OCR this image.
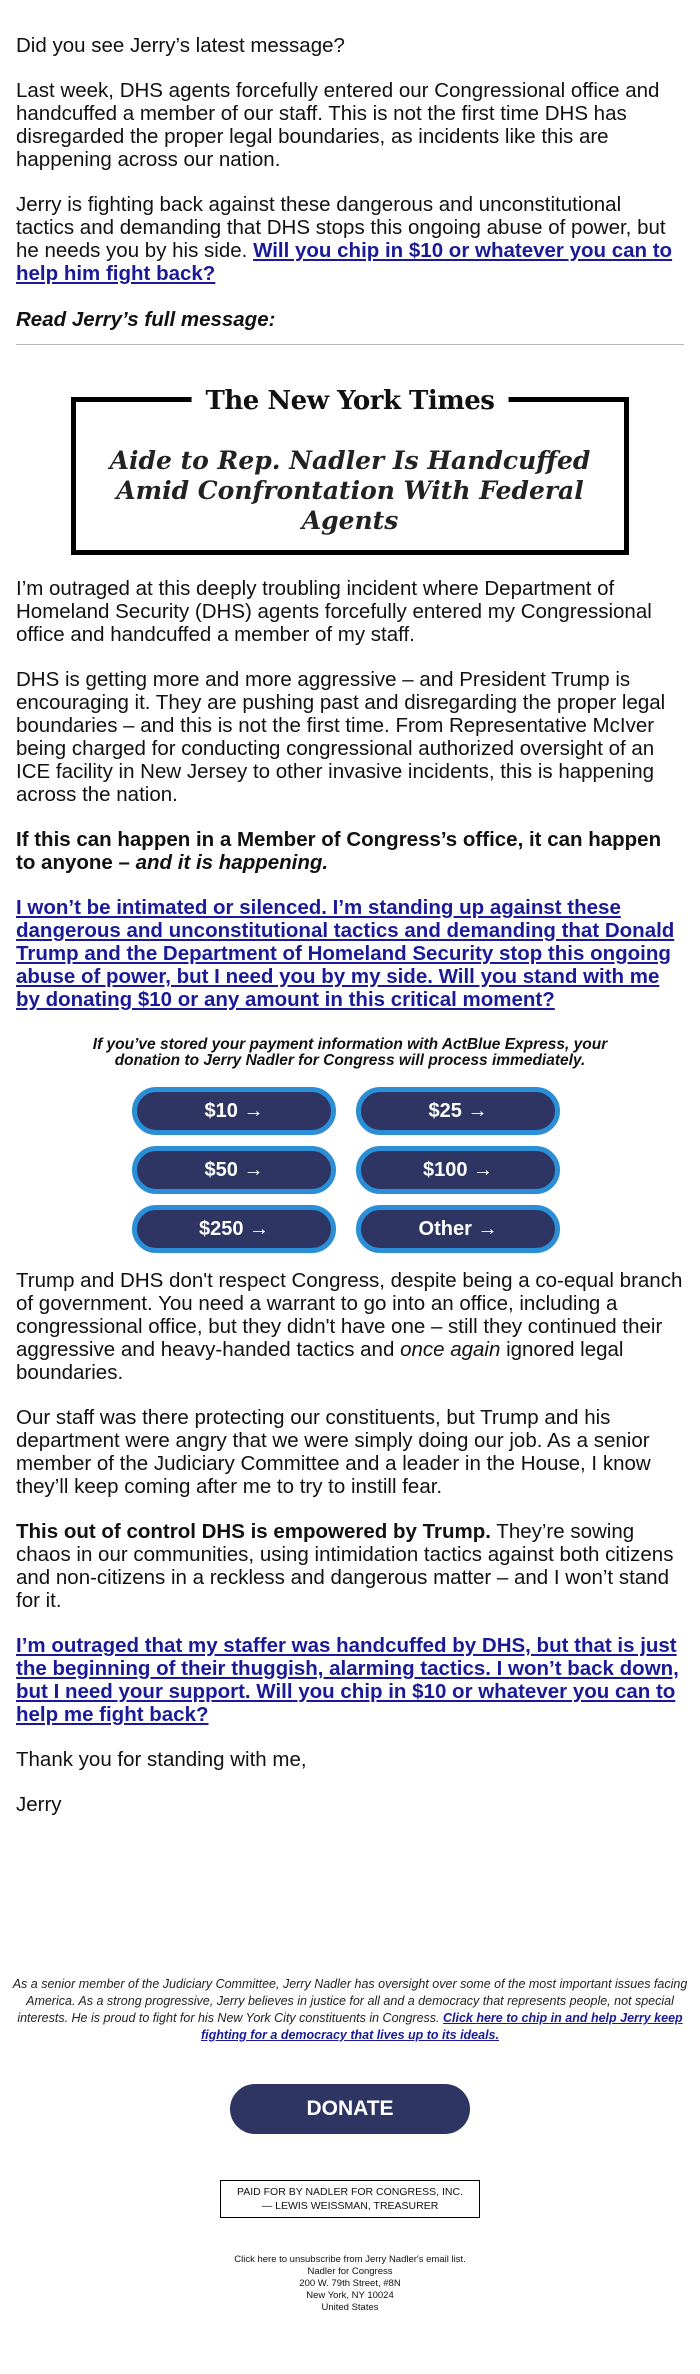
Did you see Jerry’s latest message?

Last week, DHS agents forcefully entered our Congressional office and handcuffed a member of our staff. This is not the first time DHS has disregarded the proper legal boundaries, as incidents like this are happening across our nation.

Jerry is fighting back against these dangerous and unconstitutional tactics and demanding that DHS stops this ongoing abuse of power, but he needs you by his side. Will you chip in $10 or whatever you can to help him fight back?

Read Jerry’s full message:

The New York Times
Aide to Rep. Nadler Is Handcuffed Amid Confrontation With Federal Agents

I’m outraged at this deeply troubling incident where Department of Homeland Security (DHS) agents forcefully entered my Congressional office and handcuffed a member of my staff.

DHS is getting more and more aggressive – and President Trump is encouraging it. They are pushing past and disregarding the proper legal boundaries – and this is not the first time. From Representative McIver being charged for conducting congressional authorized oversight of an ICE facility in New Jersey to other invasive incidents, this is happening across the nation.

If this can happen in a Member of Congress’s office, it can happen to anyone – and it is happening.

I won’t be intimated or silenced. I’m standing up against these dangerous and unconstitutional tactics and demanding that Donald Trump and the Department of Homeland Security stop this ongoing abuse of power, but I need you by my side. Will you stand with me by donating $10 or any amount in this critical moment?

If you’ve stored your payment information with ActBlue Express, your donation to Jerry Nadler for Congress will process immediately.

$10 →	$25 →
$50 →	$100 →
$250 →	Other →

Trump and DHS don't respect Congress, despite being a co-equal branch of government. You need a warrant to go into an office, including a congressional office, but they didn't have one – still they continued their aggressive and heavy-handed tactics and once again ignored legal boundaries.

Our staff was there protecting our constituents, but Trump and his department were angry that we were simply doing our job. As a senior member of the Judiciary Committee and a leader in the House, I know they’ll keep coming after me to try to instill fear.

This out of control DHS is empowered by Trump. They’re sowing chaos in our communities, using intimidation tactics against both citizens and non-citizens in a reckless and dangerous matter – and I won’t stand for it.

I’m outraged that my staffer was handcuffed by DHS, but that is just the beginning of their thuggish, alarming tactics. I won’t back down, but I need your support. Will you chip in $10 or whatever you can to help me fight back?

Thank you for standing with me,

Jerry

As a senior member of the Judiciary Committee, Jerry Nadler has oversight over some of the most important issues facing America. As a strong progressive, Jerry believes in justice for all and a democracy that represents people, not special interests. He is proud to fight for his New York City constituents in Congress. Click here to chip in and help Jerry keep fighting for a democracy that lives up to its ideals.
DONATE
PAID FOR BY NADLER FOR CONGRESS, INC.
— LEWIS WEISSMAN, TREASURER
Click here to unsubscribe from Jerry Nadler's email list.
Nadler for Congress
200 W. 79th Street, #8N
New York, NY 10024
United States
